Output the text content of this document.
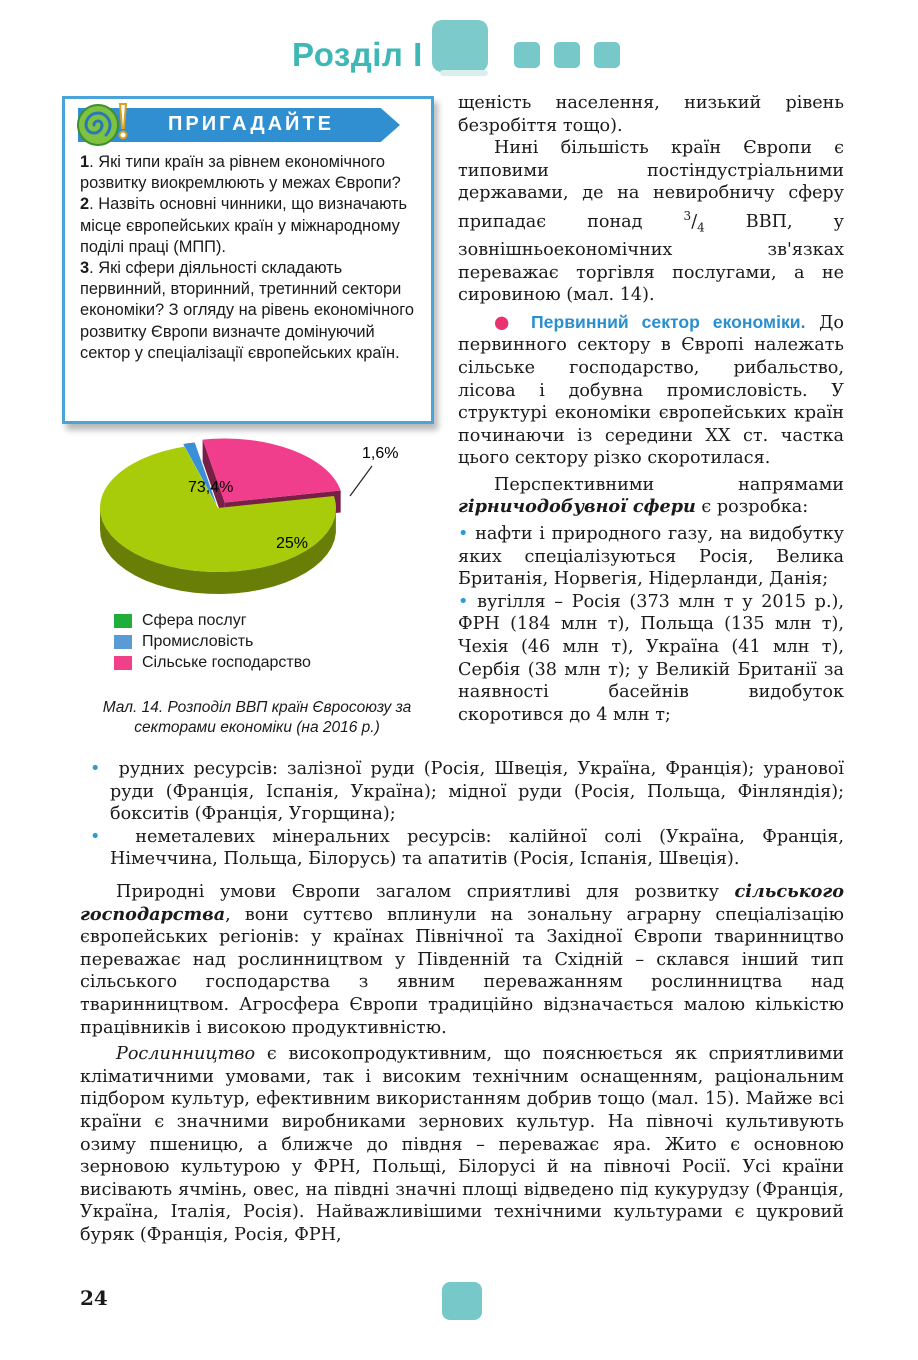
Розділ І
ПРИГАДАЙТЕ

1. Які типи країн за рівнем економічного розвитку виокремлюють у межах Європи?

2. Назвіть основні чинники, що визначають місце європейських країн у міжнародному поділі праці (МПП).

3. Які сфери діяльності складають первинний, вторинний, третинний сектори економіки? З огляду на рівень економічного розвитку Європи визначте домінуючий сектор у спеціалізації європейських країн.

73,4%
1,6%
25%
Сфера послуг
Промисловість
Сільське господарство
Мал. 14. Розподіл ВВП країн Євросоюзу за секторами економіки (на 2016 р.)

щеність населення, низький рівень безробіття тощо).

Нині більшість країн Європи є типовими постіндустріальними державами, де на невиробничу сферу припадає понад $^3/_4$ ВВП, у зовнішньоекономічних зв'язках переважає торгівля послугами, а не сировиною (мал. 14).

● Первинний сектор економіки. До первинного сектору в Європі належать сільське господарство, рибальство, лісова і добувна промисловість. У структурі економіки європейських країн починаючи із середини ХХ ст. частка цього сектору різко скоротилася.

Перспективними напрямами гірничодобувної сфери є розробка:

• нафти і природного газу, на видобутку яких спеціалізуються Росія, Велика Британія, Норвегія, Нідерланди, Данія;

• вугілля – Росія (373 млн т у 2015 р.), ФРН (184 млн т), Польща (135 млн т), Чехія (46 млн т), Україна (41 млн т), Сербія (38 млн т); у Великій Британії за наявності басейнів видобуток скоротився до 4 млн т;

•  рудних ресурсів: залізної руди (Росія, Швеція, Україна, Франція); уранової руди (Франція, Іспанія, Україна); мідної руди (Росія, Польща, Фінляндія); бокситів (Франція, Угорщина);

•  неметалевих мінеральних ресурсів: калійної солі (Україна, Франція, Німеччина, Польща, Білорусь) та апатитів (Росія, Іспанія, Швеція).

Природні умови Європи загалом сприятливі для розвитку сільського господарства, вони суттєво вплинули на зональну аграрну спеціалізацію європейських регіонів: у країнах Північної та Західної Європи тваринництво переважає над рослинництвом у Південній та Східній – склався інший тип сільського господарства з явним переважанням рослинництва над тваринництвом. Агросфера Європи традиційно відзначається малою кількістю працівників і високою продуктивністю.

Рослинництво є високопродуктивним, що пояснюється як сприятливими кліматичними умовами, так і високим технічним оснащенням, раціональним підбором культур, ефективним використанням добрив тощо (мал. 15). Майже всі країни є значними виробниками зернових культур. На півночі культивують озиму пшеницю, а ближче до півдня – переважає яра. Жито є основною зерновою культурою у ФРН, Польщі, Білорусі й на півночі Росії. Усі країни висівають ячмінь, овес, на півдні значні площі відведено під кукурудзу (Франція, Україна, Італія, Росія). Найважливішими технічними культурами є цукровий буряк (Франція, Росія, ФРН,

24
